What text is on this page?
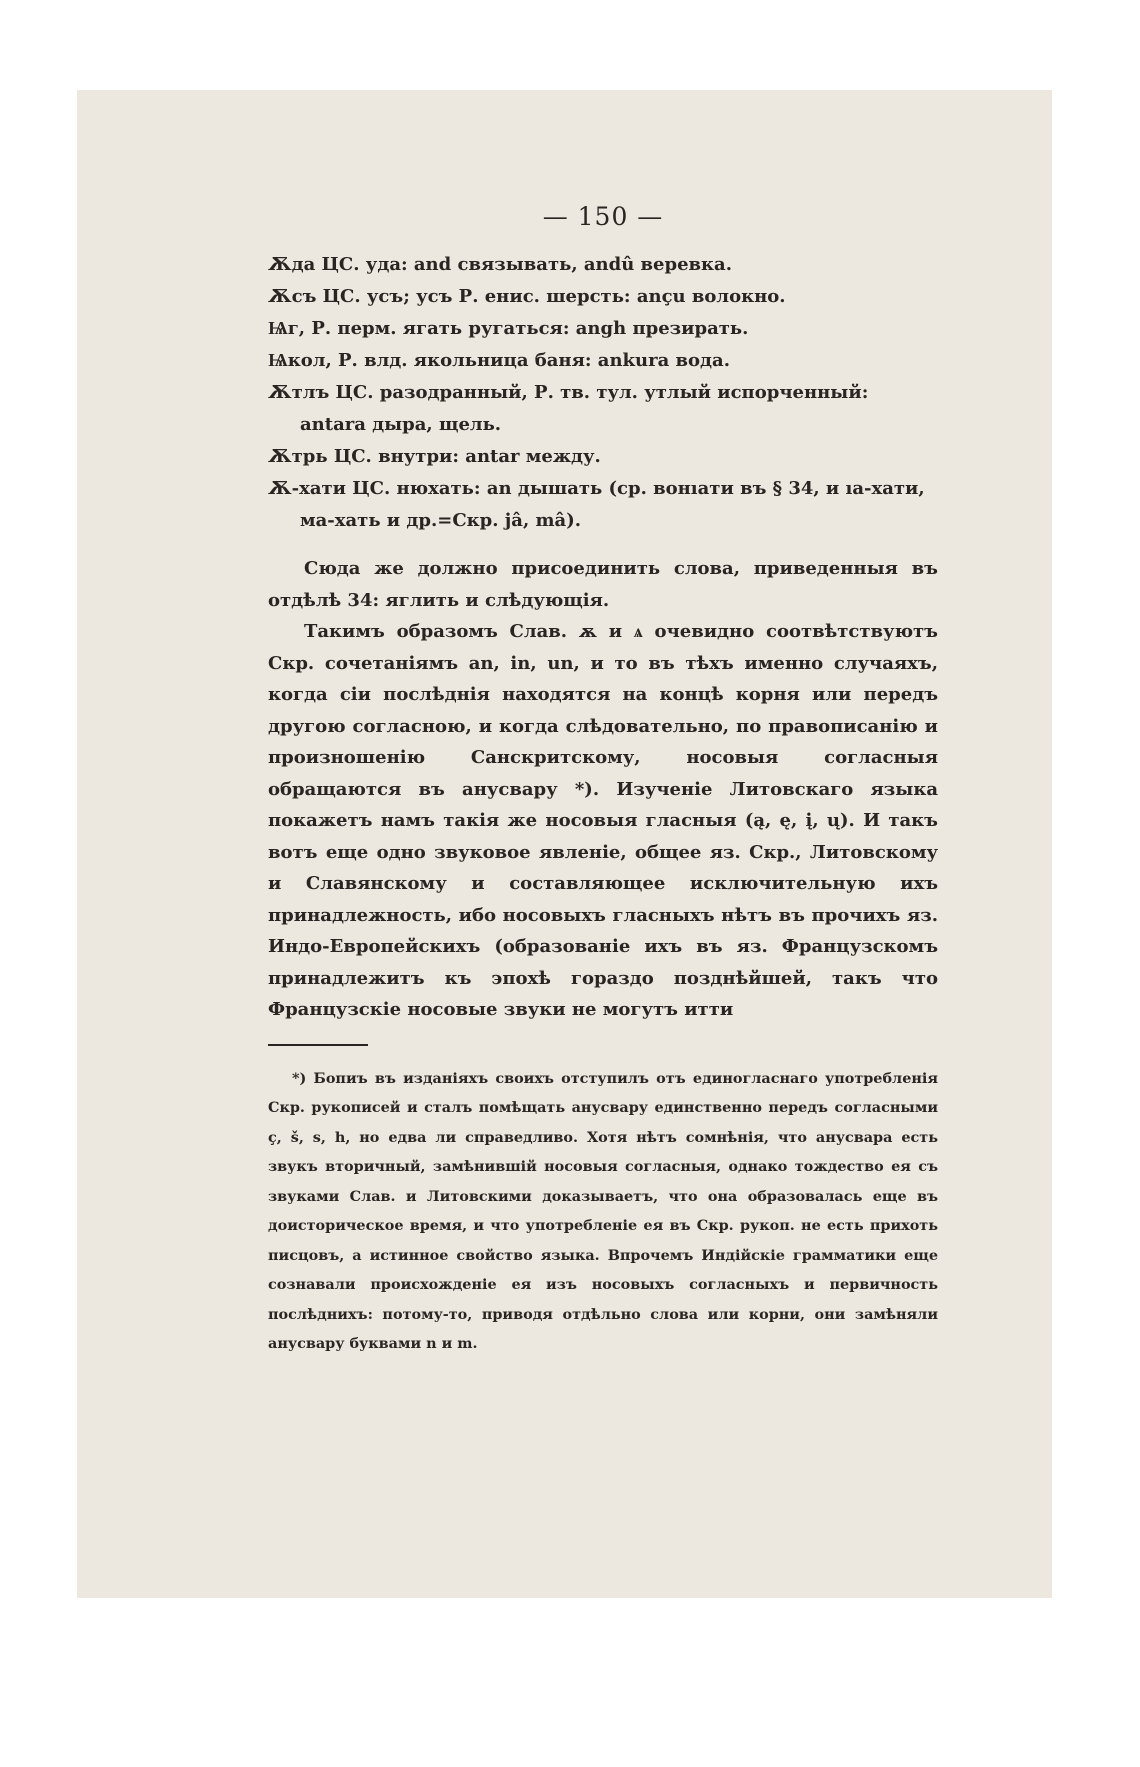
— 150 —
Ѫда ЦС. уда: and связывать, andû веревка.
Ѫсъ ЦС. усъ; усъ Р. енис. шерсть: ançu волокно.
Ѩг, Р. перм. ягать ругаться: angh презирать.
Ѩкол, Р. влд. якольница баня: ankura вода.
Ѫтлъ ЦС. разодранный, Р. тв. тул. утлый испорченный: antara дыра, щель.
Ѫтрь ЦС. внутри: antar между.
Ѫ-хати ЦС. нюхать: an дышать (ср. вонıати въ § 34, и ıа-хати, ма-хать и др.=Скр. jâ, mâ).

Сюда же должно присоединить слова, приведенныя въ отдѣлѣ 34: яглить и слѣдующія.

Такимъ образомъ Слав. ѫ и ѧ очевидно соотвѣтствуютъ Скр. сочетаніямъ an, in, un, и то въ тѣхъ именно случаяхъ, когда сіи послѣднія находятся на концѣ корня или передъ другою согласною, и когда слѣдовательно, по правописанію и произношенію Санскритскому, носовыя согласныя обращаются въ анусвару *). Изученіе Литовскаго языка покажетъ намъ такія же носовыя гласныя (ą, ę, į, ų). И такъ вотъ еще одно звуковое явленіе, общее яз. Скр., Литовскому и Славянскому и составляющее исключительную ихъ принадлежность, ибо носовыхъ гласныхъ нѣтъ въ прочихъ яз. Индо-Европейскихъ (образованіе ихъ въ яз. Французскомъ принадлежитъ къ эпохѣ гораздо позднѣйшей, такъ что Французскіе носовые звуки не могутъ итти

*) Бопиъ въ изданіяхъ своихъ отступилъ отъ единогласнаго употребленія Скр. рукописей и сталъ помѣщать анусвару единственно передъ согласными ç, š, s, h, но едва ли справедливо. Хотя нѣтъ сомнѣнія, что анусвара есть звукъ вторичный, замѣнившій носовыя согласныя, однако тождество ея съ звуками Слав. и Литовскими доказываетъ, что она образовалась еще въ доисторическое время, и что употребленіе ея въ Скр. рукоп. не есть прихоть писцовъ, а истинное свойство языка. Впрочемъ Индійскіе грамматики еще сознавали происхожденіе ея изъ носовыхъ согласныхъ и первичность послѣднихъ: потому-то, приводя отдѣльно слова или корни, они замѣняли анусвару буквами n и m.
